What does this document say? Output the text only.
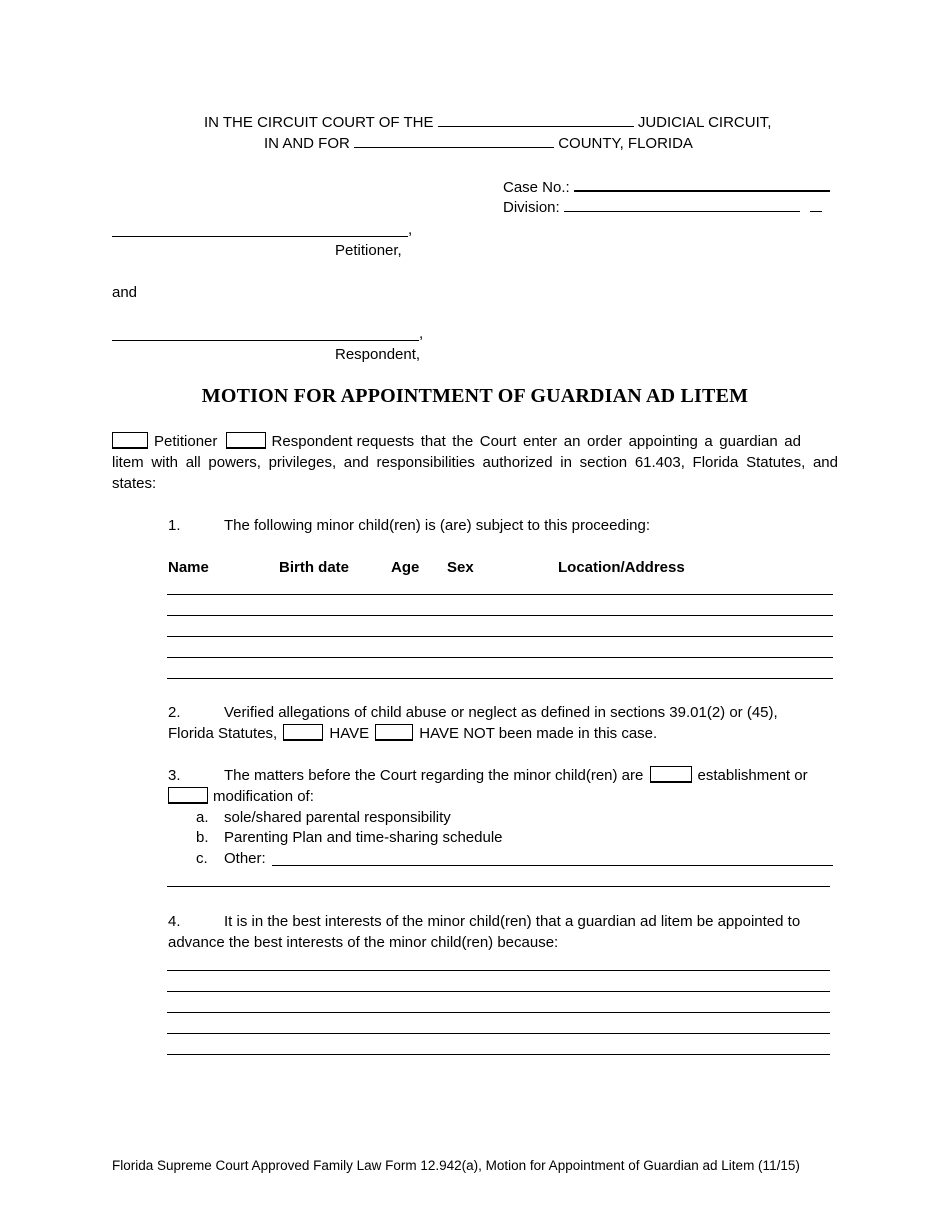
IN THE CIRCUIT COURT OF THE	JUDICIAL CIRCUIT,
IN AND FOR	COUNTY, FLORIDA
Case No.:
Division:
,
Petitioner,
and
,
Respondent,
MOTION FOR APPOINTMENT OF GUARDIAN AD LITEM
Petitioner	Respondent requests that the Court enter an order appointing a guardian ad
litem with all powers, privileges, and responsibilities authorized in section 61.403, Florida Statutes, and states:
1.	The following minor child(ren) is (are) subject to this proceeding:
Name	Birth date	Age Sex	Location/Address
2.	Verified allegations of child abuse or neglect as defined in sections 39.01(2) or (45),
Florida Statutes,	HAVE	HAVE NOT been made in this case.
3.	The matters before the Court regarding the minor child(ren) are	establishment or
modification of:
a. sole/shared parental responsibility
b. Parenting Plan and time-sharing schedule
c. Other:
4.	It is in the best interests of the minor child(ren) that a guardian ad litem be appointed to
advance the best interests of the minor child(ren) because:
Florida Supreme Court Approved Family Law Form 12.942(a), Motion for Appointment of Guardian ad Litem (11/15)
